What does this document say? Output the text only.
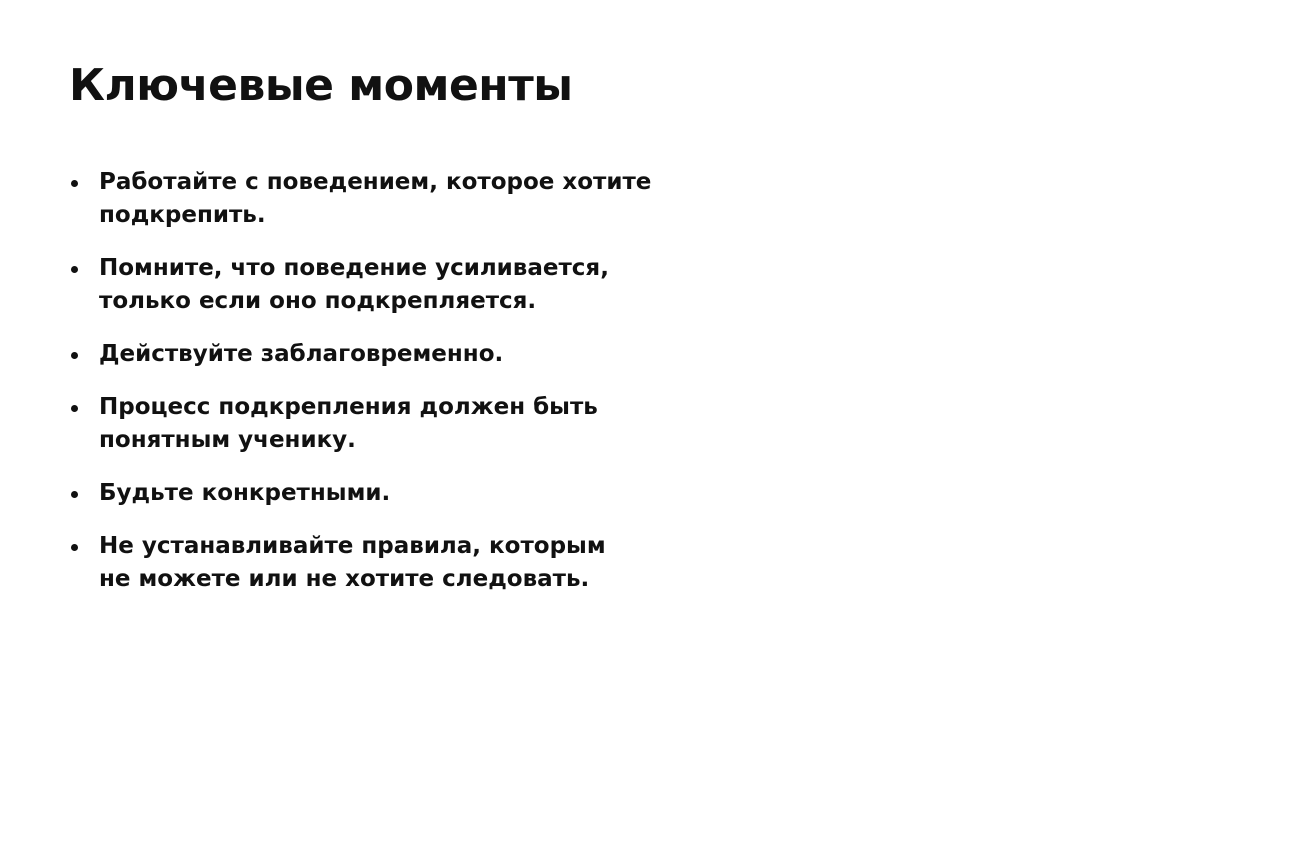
Ключевые моменты
Работайте с поведением, которое хотите
подкрепить.
Помните, что поведение усиливается,
только если оно подкрепляется.
Действуйте заблаговременно.
Процесс подкрепления должен быть
понятным ученику.
Будьте конкретными.
Не устанавливайте правила, которым
не можете или не хотите следовать.
